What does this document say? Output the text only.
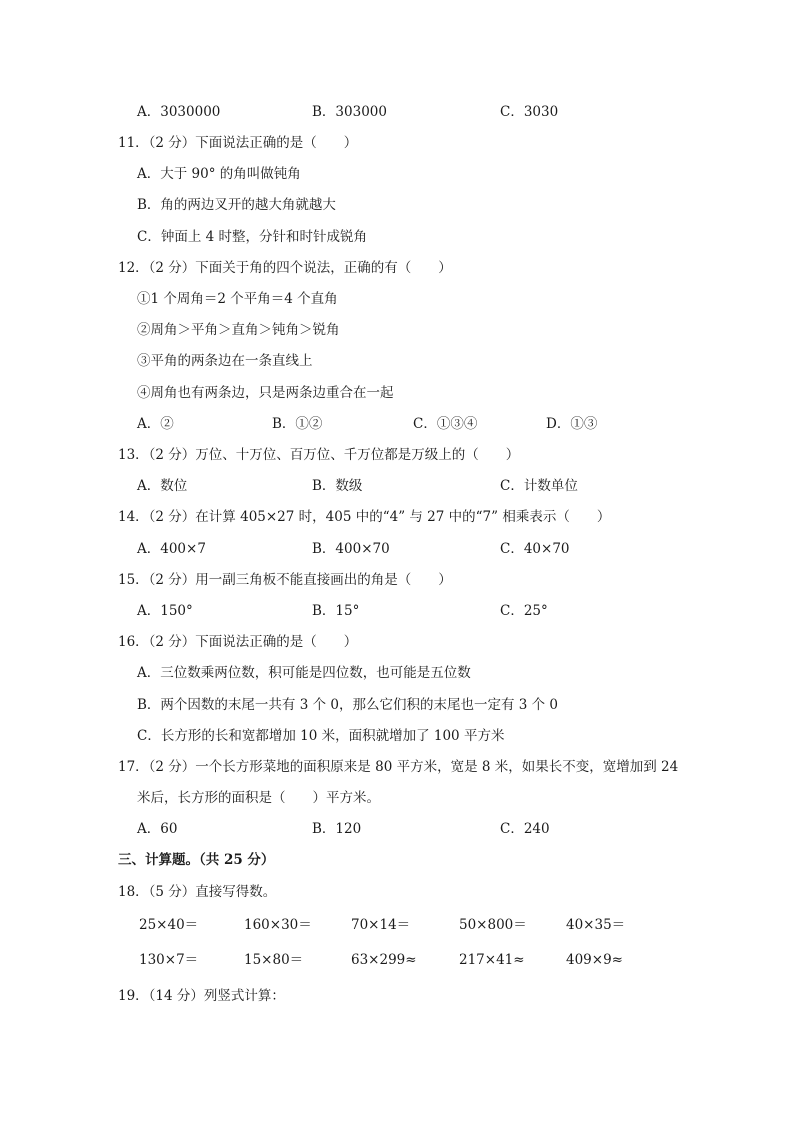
A．3030000	B．303000	C．3030
11．（2 分）下面说法正确的是（　　）
A．大于 90° 的角叫做钝角
B．角的两边叉开的越大角就越大
C．钟面上 4 时整，分针和时针成锐角
12．（2 分）下面关于角的四个说法，正确的有（　　）
①1 个周角＝2 个平角＝4 个直角
②周角＞平角＞直角＞钝角＞锐角
③平角的两条边在一条直线上
④周角也有两条边，只是两条边重合在一起
A．②	B．①②	C．①③④	D．①③
13．（2 分）万位、十万位、百万位、千万位都是万级上的（　　）
A．数位	B．数级	C．计数单位
14．（2 分）在计算 405×27 时，405 中的“4” 与 27 中的“7” 相乘表示（　　）
A．400×7	B．400×70	C．40×70
15．（2 分）用一副三角板不能直接画出的角是（　　）
A．150°	B．15°	C．25°
16．（2 分）下面说法正确的是（　　）
A．三位数乘两位数，积可能是四位数，也可能是五位数
B．两个因数的末尾一共有 3 个 0，那么它们积的末尾也一定有 3 个 0
C．长方形的长和宽都增加 10 米，面积就增加了 100 平方米
17．（2 分）一个长方形菜地的面积原来是 80 平方米，宽是 8 米，如果长不变，宽增加到 24
米后，长方形的面积是（　　）平方米。
A．60	B．120	C．240
三、计算题。（共 25 分）
18．（5 分）直接写得数。
25×40＝	160×30＝	70×14＝	50×800＝	40×35＝
130×7＝	15×80＝	63×299≈	217×41≈	409×9≈
19．（14 分）列竖式计算：
